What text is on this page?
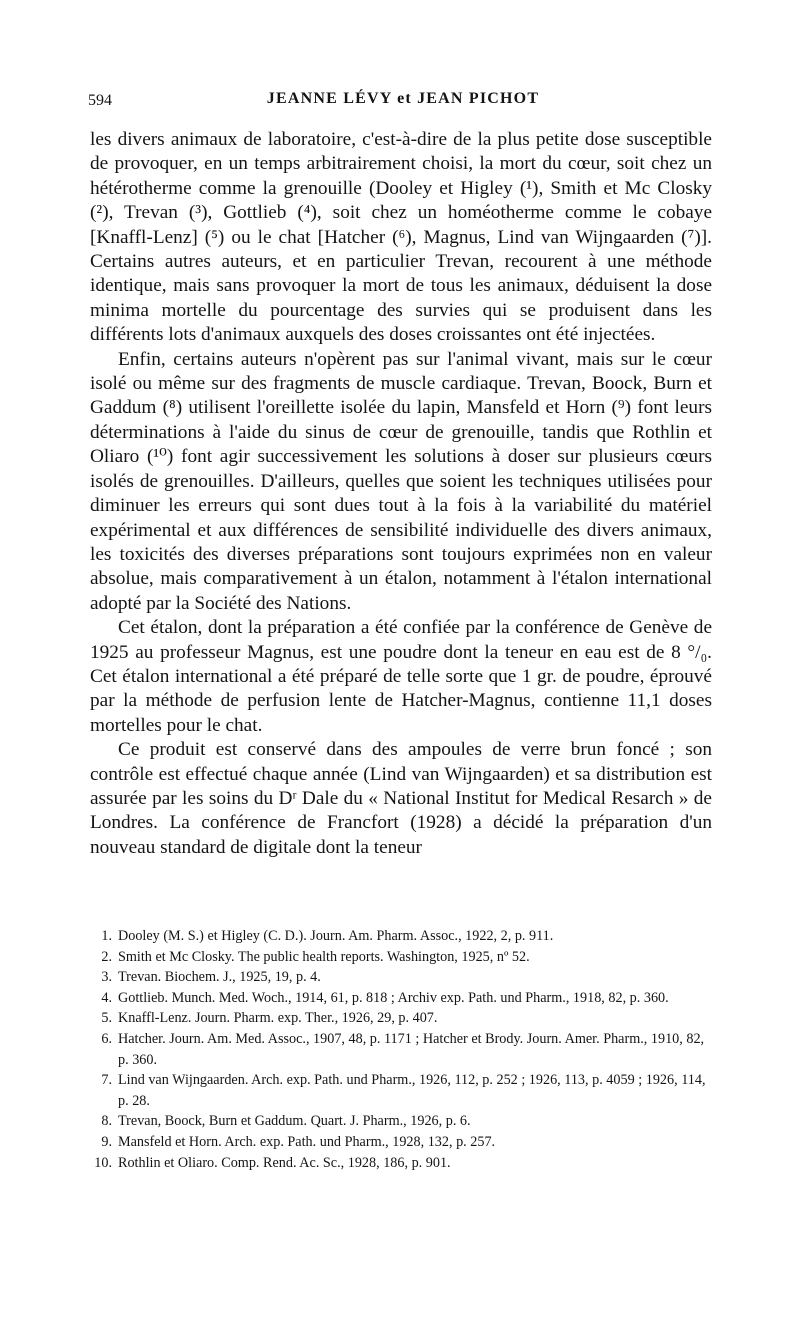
594	JEANNE LÉVY et JEAN PICHOT

les divers animaux de laboratoire, c'est-à-dire de la plus petite dose susceptible de provoquer, en un temps arbitrairement choisi, la mort du cœur, soit chez un hétérotherme comme la grenouille (Dooley et Higley (¹), Smith et Mc Closky (²), Trevan (³), Gottlieb (⁴), soit chez un homéotherme comme le cobaye [Knaffl-Lenz] (⁵) ou le chat [Hatcher (⁶), Magnus, Lind van Wijngaarden (⁷)]. Certains autres auteurs, et en particulier Trevan, recourent à une méthode identique, mais sans provoquer la mort de tous les animaux, déduisent la dose minima mortelle du pourcentage des survies qui se produisent dans les différents lots d'animaux auxquels des doses croissantes ont été injectées.

Enfin, certains auteurs n'opèrent pas sur l'animal vivant, mais sur le cœur isolé ou même sur des fragments de muscle cardiaque. Trevan, Boock, Burn et Gaddum (⁸) utilisent l'oreillette isolée du lapin, Mansfeld et Horn (⁹) font leurs déterminations à l'aide du sinus de cœur de grenouille, tandis que Rothlin et Oliaro (¹⁰) font agir successivement les solutions à doser sur plusieurs cœurs isolés de grenouilles. D'ailleurs, quelles que soient les techniques utilisées pour diminuer les erreurs qui sont dues tout à la fois à la variabilité du matériel expérimental et aux différences de sensibilité individuelle des divers animaux, les toxicités des diverses préparations sont toujours exprimées non en valeur absolue, mais comparativement à un étalon, notamment à l'étalon international adopté par la Société des Nations.

Cet étalon, dont la préparation a été confiée par la conférence de Genève de 1925 au professeur Magnus, est une poudre dont la teneur en eau est de 8 °/₀. Cet étalon international a été préparé de telle sorte que 1 gr. de poudre, éprouvé par la méthode de perfusion lente de Hatcher-Magnus, contienne 11,1 doses mortelles pour le chat.

Ce produit est conservé dans des ampoules de verre brun foncé ; son contrôle est effectué chaque année (Lind van Wijngaarden) et sa distribution est assurée par les soins du Dʳ Dale du « National Institut for Medical Resarch » de Londres. La conférence de Francfort (1928) a décidé la préparation d'un nouveau standard de digitale dont la teneur

1. Dooley (M. S.) et Higley (C. D.). Journ. Am. Pharm. Assoc., 1922, 2, p. 911.
2. Smith et Mc Closky. The public health reports. Washington, 1925, nº 52.
3. Trevan. Biochem. J., 1925, 19, p. 4.
4. Gottlieb. Munch. Med. Woch., 1914, 61, p. 818 ; Archiv exp. Path. und Pharm., 1918, 82, p. 360.
5. Knaffl-Lenz. Journ. Pharm. exp. Ther., 1926, 29, p. 407.
6. Hatcher. Journ. Am. Med. Assoc., 1907, 48, p. 1171 ; Hatcher et Brody. Journ. Amer. Pharm., 1910, 82, p. 360.
7. Lind van Wijngaarden. Arch. exp. Path. und Pharm., 1926, 112, p. 252 ; 1926, 113, p. 4059 ; 1926, 114, p. 28.
8. Trevan, Boock, Burn et Gaddum. Quart. J. Pharm., 1926, p. 6.
9. Mansfeld et Horn. Arch. exp. Path. und Pharm., 1928, 132, p. 257.
10. Rothlin et Oliaro. Comp. Rend. Ac. Sc., 1928, 186, p. 901.
